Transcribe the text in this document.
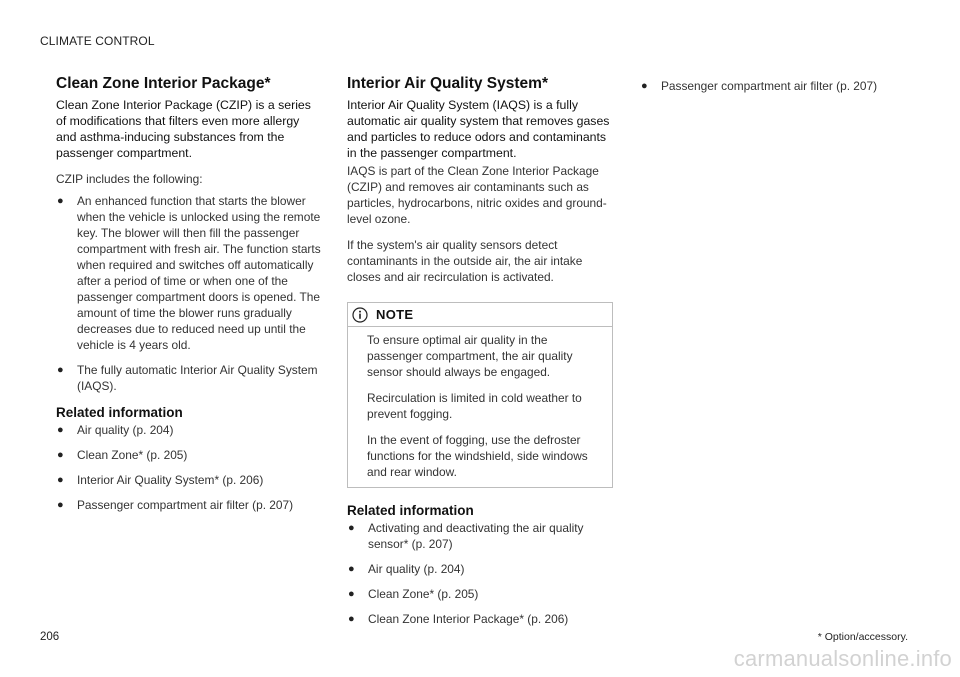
CLIMATE CONTROL
Clean Zone Interior Package*

Clean Zone Interior Package (CZIP) is a series of modifications that filters even more allergy and asthma-inducing substances from the passenger compartment.

CZIP includes the following:

● An enhanced function that starts the blower when the vehicle is unlocked using the remote key. The blower will then fill the passenger compartment with fresh air. The function starts when required and switches off automatically after a period of time or when one of the passenger compartment doors is opened. The amount of time the blower runs gradually decreases due to reduced need up until the vehicle is 4 years old.
● The fully automatic Interior Air Quality System (IAQS).
Related information
● Air quality (p. 204)
● Clean Zone* (p. 205)
● Interior Air Quality System* (p. 206)
● Passenger compartment air filter (p. 207)
Interior Air Quality System*

Interior Air Quality System (IAQS) is a fully automatic air quality system that removes gases and particles to reduce odors and contaminants in the passenger compartment.

IAQS is part of the Clean Zone Interior Package (CZIP) and removes air contaminants such as particles, hydrocarbons, nitric oxides and ground-level ozone.

If the system's air quality sensors detect contaminants in the outside air, the air intake closes and air recirculation is activated.

NOTE

To ensure optimal air quality in the passenger compartment, the air quality sensor should always be engaged.

Recirculation is limited in cold weather to prevent fogging.

In the event of fogging, use the defroster functions for the windshield, side windows and rear window.

Related information
● Activating and deactivating the air quality sensor* (p. 207)
● Air quality (p. 204)
● Clean Zone* (p. 205)
● Clean Zone Interior Package* (p. 206)
● Passenger compartment air filter (p. 207)
206	* Option/accessory.
carmanualsonline.info
